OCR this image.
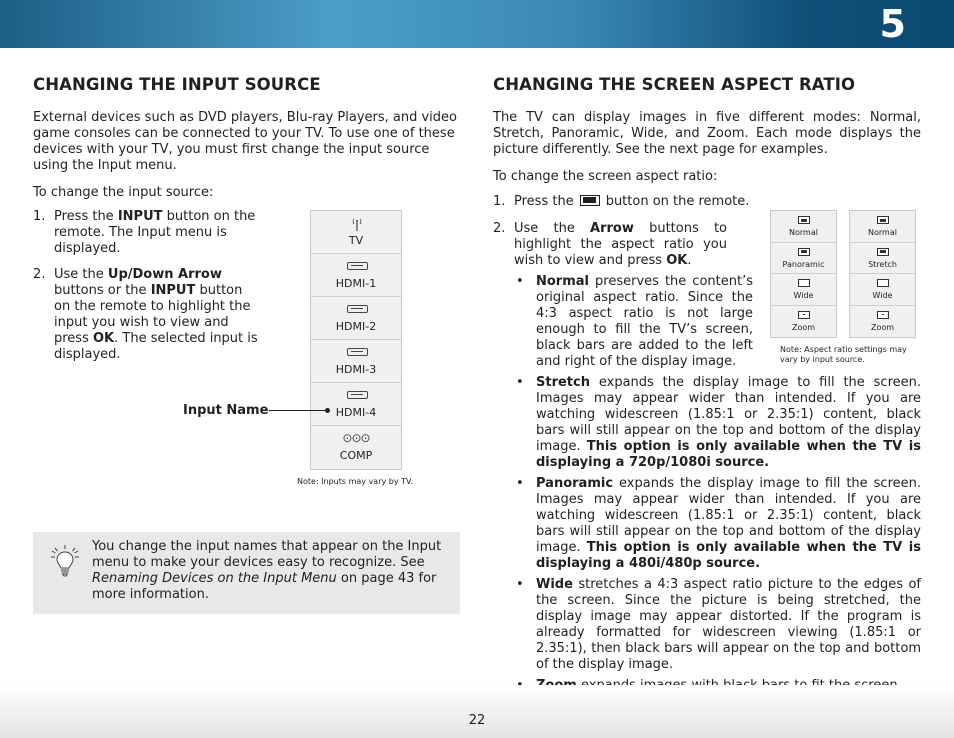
5
CHANGING THE INPUT SOURCE
External devices such as DVD players, Blu-ray Players, and video game consoles can be connected to your TV. To use one of these devices with your TV, you must first change the input source using the Input menu.
To change the input source:
1. Press the INPUT button on the remote. The Input menu is displayed.
2. Use the Up/Down Arrow buttons or the INPUT button on the remote to highlight the input you wish to view and press OK. The selected input is displayed.
TV
HDMI-1
HDMI-2
HDMI-3
HDMI-4
⊙⊙⊙
COMP
Input Name
Note: Inputs may vary by TV.
You change the input names that appear on the Input menu to make your devices easy to recognize. See Renaming Devices on the Input Menu on page 43 for more information.
CHANGING THE SCREEN ASPECT RATIO
The TV can display images in five different modes: Normal, Stretch, Panoramic, Wide, and Zoom. Each mode displays the picture differently. See the next page for examples.
To change the screen aspect ratio:
1. Press the button on the remote.
2. Use the Arrow buttons to highlight the aspect ratio you wish to view and press OK.
Normal
Panoramic
Wide
Zoom
Normal
Stretch
Wide
Zoom
Note: Aspect ratio settings may vary by input source.
• Normal preserves the content’s original aspect ratio. Since the 4:3 aspect ratio is not large enough to fill the TV’s screen, black bars are added to the left and right of the display image.
• Stretch expands the display image to fill the screen. Images may appear wider than intended. If you are watching widescreen (1.85:1 or 2.35:1) content, black bars will still appear on the top and bottom of the display image. This option is only available when the TV is displaying a 720p/1080i source.
• Panoramic expands the display image to fill the screen. Images may appear wider than intended. If you are watching widescreen (1.85:1 or 2.35:1) content, black bars will still appear on the top and bottom of the display image. This option is only available when the TV is displaying a 480i/480p source.
• Wide stretches a 4:3 aspect ratio picture to the edges of the screen. Since the picture is being stretched, the display image may appear distorted. If the program is already formatted for widescreen viewing (1.85:1 or 2.35:1), then black bars will appear on the top and bottom of the display image.
22
